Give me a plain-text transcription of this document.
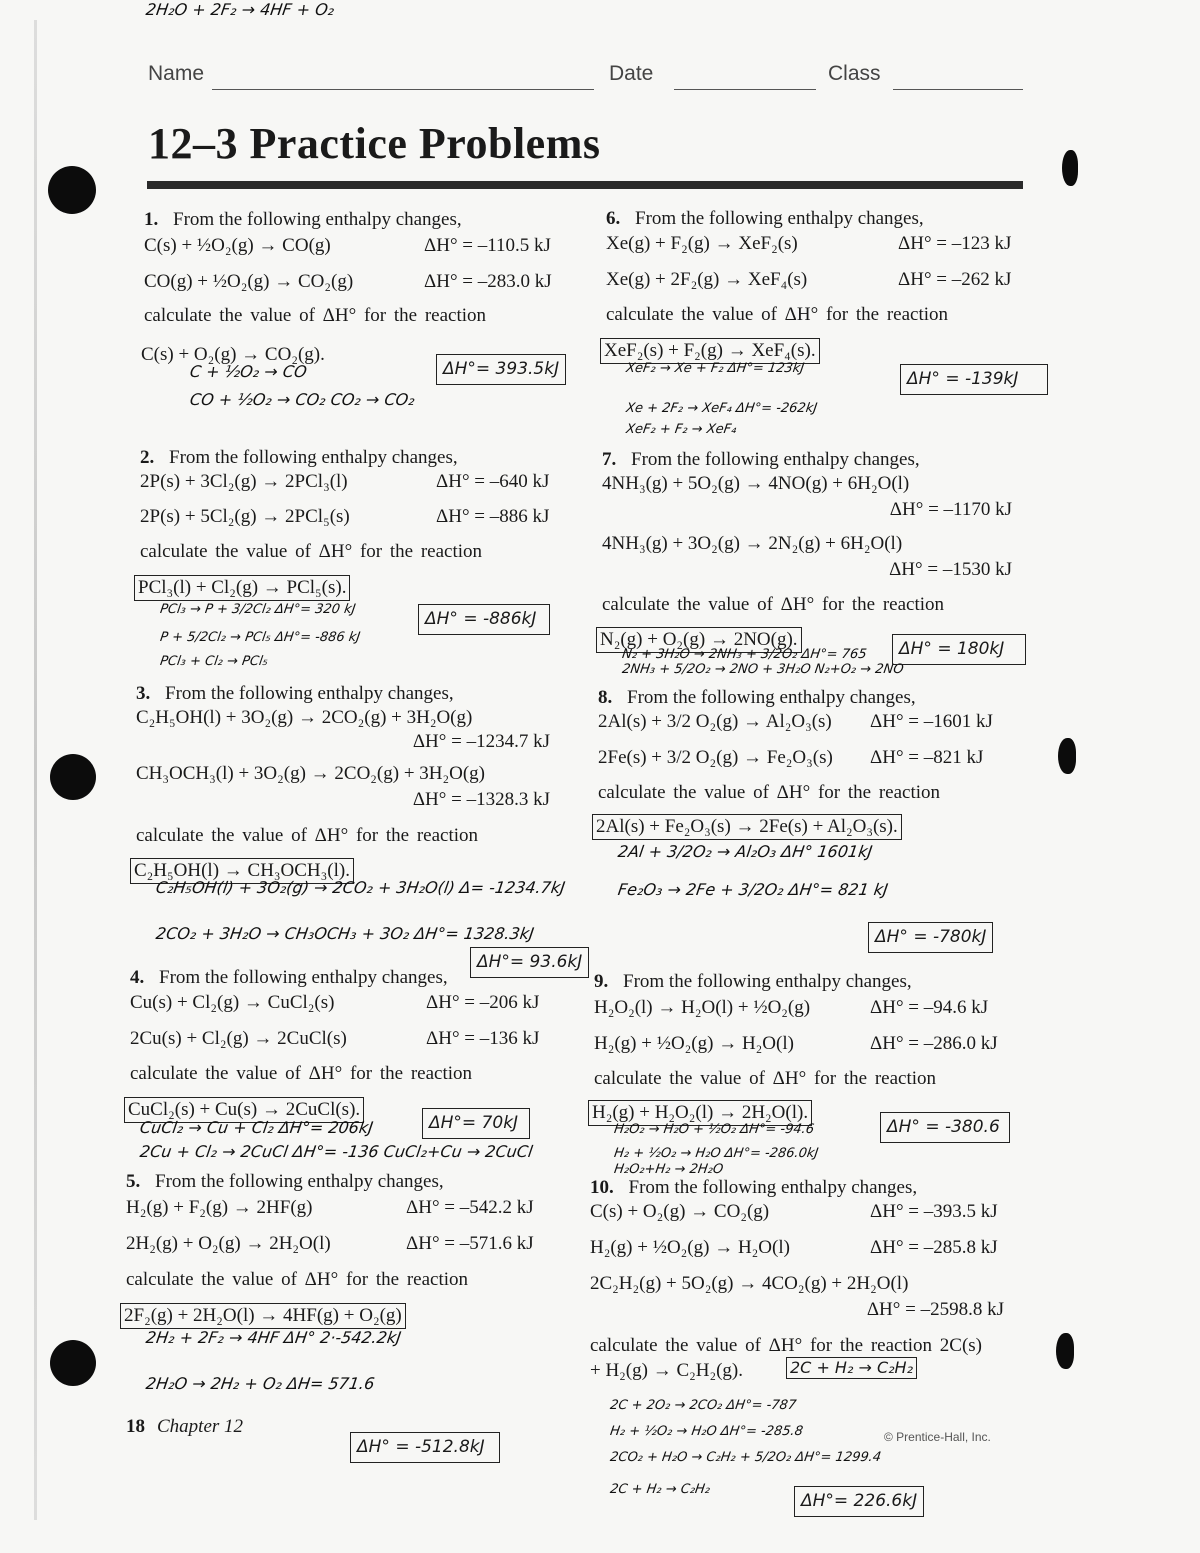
Name	Date	Class
12–3 Practice Problems
1. From the following enthalpy changes,
C(s) + ½O₂(g) → CO(g)	ΔH° = –110.5 kJ
CO(g) + ½O₂(g) → CO₂(g)	ΔH° = –283.0 kJ
calculate the value of ΔH° for the reaction
C(s) + O₂(g) → CO₂(g).
C + ½O₂ → CO
CO + ½O₂ → CO₂ CO₂ → CO₂
ΔH°= 393.5kJ
2. From the following enthalpy changes,
2P(s) + 3Cl₂(g) → 2PCl₃(l)	ΔH° = –640 kJ
2P(s) + 5Cl₂(g) → 2PCl₅(s)	ΔH° = –886 kJ
calculate the value of ΔH° for the reaction
PCl₃(l) + Cl₂(g) → PCl₅(s).
PCl₃ → P + 3/2Cl₂ ΔH°= 320 kJ
P + 5/2Cl₂ → PCl₅ ΔH°= -886 kJ
PCl₃ + Cl₂ → PCl₅
ΔH° = -886kJ
3. From the following enthalpy changes,
C₂H₅OH(l) + 3O₂(g) → 2CO₂(g) + 3H₂O(g)
ΔH° = –1234.7 kJ
CH₃OCH₃(l) + 3O₂(g) → 2CO₂(g) + 3H₂O(g)
ΔH° = –1328.3 kJ
calculate the value of ΔH° for the reaction
C₂H₅OH(l) → CH₃OCH₃(l).
C₂H₅OH(l) + 3O₂(g) → 2CO₂ + 3H₂O(l) Δ= -1234.7kJ
2CO₂ + 3H₂O → CH₃OCH₃ + 3O₂ ΔH°= 1328.3kJ
ΔH°= 93.6kJ
4. From the following enthalpy changes,
Cu(s) + Cl₂(g) → CuCl₂(s)	ΔH° = –206 kJ
2Cu(s) + Cl₂(g) → 2CuCl(s)	ΔH° = –136 kJ
calculate the value of ΔH° for the reaction
CuCl₂(s) + Cu(s) → 2CuCl(s).
CuCl₂ → Cu + Cl₂ ΔH°= 206kJ
2Cu + Cl₂ → 2CuCl ΔH°= -136 CuCl₂+Cu → 2CuCl
ΔH°= 70kJ
5. From the following enthalpy changes,
H₂(g) + F₂(g) → 2HF(g)	ΔH° = –542.2 kJ
2H₂(g) + O₂(g) → 2H₂O(l)	ΔH° = –571.6 kJ
calculate the value of ΔH° for the reaction
2F₂(g) + 2H₂O(l) → 4HF(g) + O₂(g)
2H₂ + 2F₂ → 4HF ΔH° 2·-542.2kJ
2H₂O → 2H₂ + O₂ ΔH= 571.6
2H₂O + 2F₂ → 4HF + O₂
ΔH° = -512.8kJ
6. From the following enthalpy changes,
Xe(g) + F₂(g) → XeF₂(s)	ΔH° = –123 kJ
Xe(g) + 2F₂(g) → XeF₄(s)	ΔH° = –262 kJ
calculate the value of ΔH° for the reaction
XeF₂(s) + F₂(g) → XeF₄(s).
XeF₂ → Xe + F₂ ΔH°= 123kJ
Xe + 2F₂ → XeF₄ ΔH°= -262kJ
XeF₂ + F₂ → XeF₄
ΔH° = -139kJ
7. From the following enthalpy changes,
4NH₃(g) + 5O₂(g) → 4NO(g) + 6H₂O(l)
ΔH° = –1170 kJ
4NH₃(g) + 3O₂(g) → 2N₂(g) + 6H₂O(l)
ΔH° = –1530 kJ
calculate the value of ΔH° for the reaction
N₂(g) + O₂(g) → 2NO(g).
N₂ + 3H₂O → 2NH₃ + 3/2O₂ ΔH°= 765
2NH₃ + 5/2O₂ → 2NO + 3H₂O N₂+O₂ → 2NO
ΔH° = 180kJ
8. From the following enthalpy changes,
2Al(s) + 3/2 O₂(g) → Al₂O₃(s) ΔH° = –1601 kJ
2Fe(s) + 3/2 O₂(g) → Fe₂O₃(s) ΔH° = –821 kJ
calculate the value of ΔH° for the reaction
2Al(s) + Fe₂O₃(s) → 2Fe(s) + Al₂O₃(s).
2Al + 3/2O₂ → Al₂O₃ ΔH° 1601kJ
Fe₂O₃ → 2Fe + 3/2O₂ ΔH°= 821 kJ
ΔH° = -780kJ
9. From the following enthalpy changes,
H₂O₂(l) → H₂O(l) + ½O₂(g)	ΔH° = –94.6 kJ
H₂(g) + ½O₂(g) → H₂O(l)	ΔH° = –286.0 kJ
calculate the value of ΔH° for the reaction
H₂(g) + H₂O₂(l) → 2H₂O(l).
H₂O₂ → H₂O + ½O₂ ΔH°= -94.6
H₂ + ½O₂ → H₂O ΔH°= -286.0kJ
H₂O₂+H₂ → 2H₂O
ΔH° = -380.6
10. From the following enthalpy changes,
C(s) + O₂(g) → CO₂(g)	ΔH° = –393.5 kJ
H₂(g) + ½O₂(g) → H₂O(l)	ΔH° = –285.8 kJ
2C₂H₂(g) + 5O₂(g) → 4CO₂(g) + 2H₂O(l)
ΔH° = –2598.8 kJ
calculate the value of ΔH° for the reaction 2C(s)
+ H₂(g) → C₂H₂(g).	2C + H₂ → C₂H₂
2C + 2O₂ → 2CO₂ ΔH°= -787
H₂ + ½O₂ → H₂O ΔH°= -285.8
2CO₂ + H₂O → C₂H₂ + 5/2O₂ ΔH°= 1299.4
2C + H₂ → C₂H₂
ΔH°= 226.6kJ
18 Chapter 12	© Prentice-Hall, Inc.
